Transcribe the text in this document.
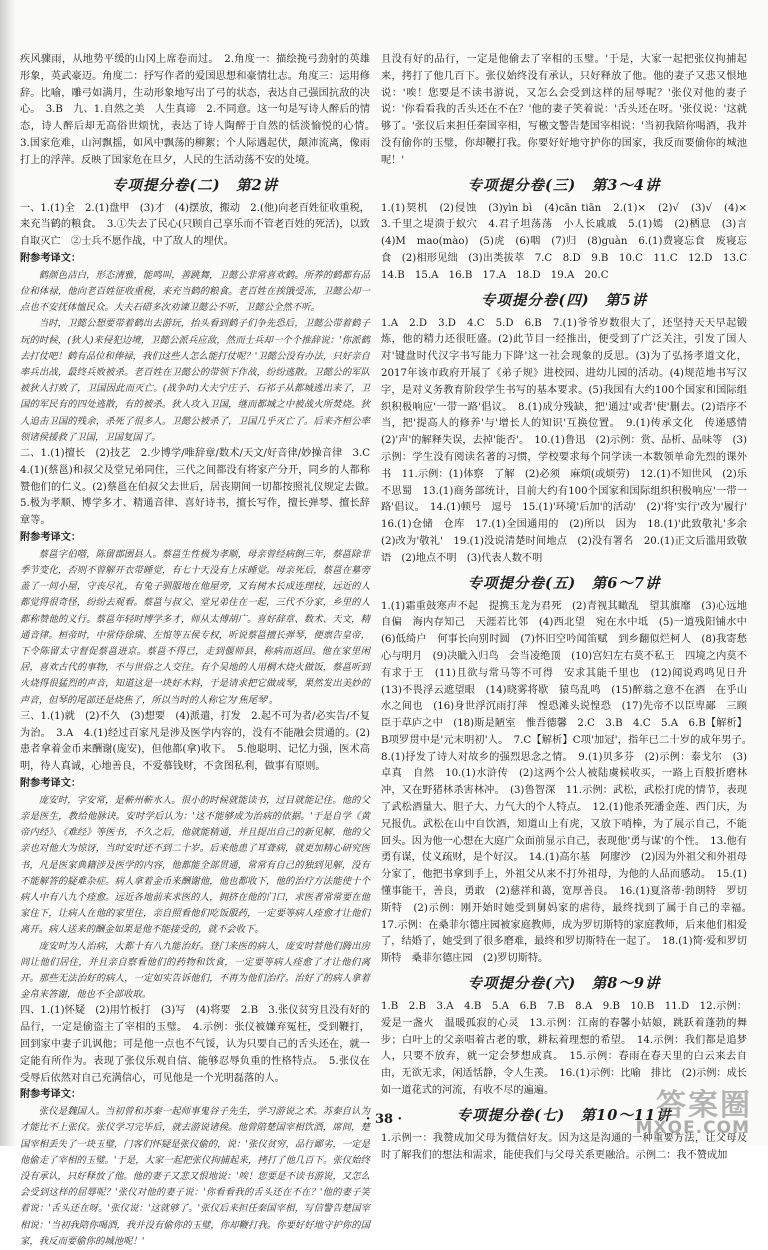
疾风骤雨，从地势平缓的山冈上席卷而过。　2.角度一：描绘挽弓劲射的英雄形象，英武豪迈。角度二：抒写作者的爱国思想和豪情壮志。角度三：运用修辞。比喻，雕弓如满月，生动形象地写出了弓的状态，表达自己强国抗敌的决心。　3.B　九、1.自然之美　人生真谛　2.不同意。这一句是写诗人醉后的情态，诗人醉后却无高俗世烦忧，表达了诗人陶醉于自然的恬淡愉悦的心情。　3.国家危难，山河飘摇，如风中飘荡的柳絮；个人际遇起伏，颠沛流离，像雨打上的浮萍。反映了国家危在旦夕，人民的生活动荡不安的处境。
专项提分卷(二)　第2讲
一、1.(1)全　2.(1)盘甲　(3)才　(4)摆放，搬动　2.(他)向老百姓征收重税，来充当鹤的粮食。　3.①失去了民心(只顾自己享乐而不管老百姓的死活)，以致自取灭亡　②士兵不愿作战，中了敌人的埋伏。
附参考译文：
鹤颜色洁白，形态清雅，能鸣叫，善跳舞，卫懿公非常喜欢鹤。所养的鹤都有品位和体禄，他向老百姓征收重税，来充当鹤的粮食。老百姓在挨饿受冻，卫懿公却一点也不安抚体恤民众。大夫石碏多次劝谏卫懿公不听，卫懿公全然不听。
当时，卫懿公想要带着鹤出去游玩，抬头看到鹤子们争先恐后，卫懿公带着鹤子玩的时候，(狄人)来侵犯边境，卫懿公派兵应敌，然而士兵却一个个推辞说：'你派鹤去打仗吧！鹤有品位和俸禄，我们这些人怎么能打仗呢？'卫懿公没有办法，只好亲自率兵出战，最终兵败被杀。老百姓在卫懿公的带领下作战，纷纷逃散。卫懿公的军队被狄人打败了，卫国因此而灭亡。(战争时)大夫宁庄子、石祁子从都城逃出来了，卫国的军民有的四处逃散，有的被杀。狄人攻入卫国，继而都城之中被战火所焚烧。狄人追击卫国的残余，杀死了很多人。卫懿公被杀了，卫国几乎灭亡了。后来齐桓公率领诸侯援救了卫国，卫国复国了。
二、1.(1)擅长　(2)技艺　2.少博学/唯辞章/数术/天文/好音律/妙操音律　3.C　4.(1)(蔡邕)和叔父及堂兄弟同住，三代之间都没有将家产分开，同乡的人都称赞他们的仁义。(2)蔡邕在伯叔父去世后，居丧期间一切都按照礼仪规定去做。　5.极为孝顺、博学多才、精通音律、喜好诗书，擅长写作，擅长弹琴、擅长辞章等。
附参考译文：
蔡邕字伯喈，陈留郡圉县人。蔡邕生性极为孝顺，母亲曾经病倒三年，蔡邕除非季节变化，否则不曾解开衣带睡觉，有七十天没有上床睡觉。母亲死后，蔡邕在墓旁盖了一间小屋，守丧尽礼，有兔子驯服地在他屋旁，又有树木长成连理枝，远近的人都觉得很奇怪，纷纷去观看。蔡邕与叔父、堂兄弟住在一起，三代不分家，乡里的人都称赞他的义行。蔡邕年轻时博学多才，师从太傅胡广。喜好辞章、数术、天文，精通音律。桓帝时，中常侍徐璜、左悺等五侯专权，听说蔡邕擅长弹琴，便禀告皇帝，下令陈留太守督促蔡邕进京。蔡邕不得已，走到偃师县，称病而返回。他在家里闲居，喜欢古代的事物，不与世俗之人交往。有个吴地的人用桐木烧火做饭，蔡邕听到火烧得很猛烈的声音，知道这是一块好木料，于是请求把它做成琴，果然发出美妙的声音，但琴的尾部还是烧焦了，所以当时的人称它为'焦尾琴'。
三、1.(1)就　(2)不久　(3)想要　(4)派遣，打发　2.起不可为者/必实告/不复为治。　3.A　4.(1)经过百家凡是涉及医学内容的，没有不能融会贯通的。(2)患者拿着金币来酬谢(庞安)，但他都(拿)收下。　5.他聪明、记忆力强，医术高明，待人真诚，心地善良，不爱慕钱财，不贪图私利，做事有原则。
附参考译文：
庞安时，字安常，是蕲州蕲水人。很小的时候就能读书，过目就能记住。他的父亲是医生，教给他脉诀。安时学后认为：'这不能够成为治病的依据。'于是自学《黄帝内经》、《难经》等医书，不久之后，他就能精通，并且提出自己的新见解，他的父亲也对他大为惊讶，当时安时还不到二十岁。后来他患了耳聋病，就更加精心研究医书，凡是医家典籍涉及医学的内容，他都能全部贯通，常常有自己的独到见解，没有不能解答的疑难杂症。病人拿着金币来酬谢他，他也都收下，他的治疗方法能使十个病人中有八九个痊愈。远近各地前来求医的人，拥挤在他的门口，求医者常常要在他家住下，让病人在他的家里住，亲自照看他们吃饭服药，一定要等病人痊愈才让他们离开。病人送来的酬金如果是他不能接受的，就不会收下。
庞安时为人治病，大都十有八九能治好。登门来医的病人，庞安时替他们腾出房间让他们居住，并且亲自察看他们的药物和饮食，一定要等病人痊愈了才让他们离开。那些无法治好的病人，一定如实告诉他们，不再为他们治疗。治好了的病人拿着金帛来答谢，他也不全部收取。
四、1.(1)怀疑　(2)用竹板打　(3)写　(4)将要　2.B　3.张仪贫穷且没有好的品行，一定是偷盗主了宰相的玉璧。　4.示例：张仪被嫌弃冤枉，受到鞭打，回到家中妻子讥讽他；可是他一点也不气馁，认为只要自己的舌头还在，就一定能有所作为。表现了张仪乐观自信、能够忍辱负重的性格特点。　5.张仪在受辱后依然对自己充满信心，可见他是一个光明磊落的人。
附参考译文：
张仪是魏国人。当初曾和苏秦一起师事鬼谷子先生，学习游说之术。苏秦自认为才能比不上张仪。张仪学习完毕后，就去游说诸侯。他曾陪楚国宰相饮酒，席间，楚国宰相丢失了一块玉璧，门客们怀疑是张仪偷的，说：'张仪贫穷，品行鄙劣，一定是他偷走了宰相的玉璧。'于是，大家一起把张仪拘捕起来，拷打了他几百下。张仪始终没有承认，只好释放了他。他的妻子又悲又恨地说：'唉！您要是不读书游说，又怎么会受到这样的屈辱呢？'张仪对他的妻子说：'你看看我的舌头还在不在？'他的妻子笑着说：'舌头还在呀。'张仪说：'这就够了。'张仪后来担任秦国宰相，写信警告楚国宰相说：'当初我陪你喝酒，我并没有偷你的玉璧，你却鞭打我。你要好好地守护你的国家，我反而要偷你的城池呢！'
且没有好的品行，一定是他偷去了宰相的玉璧。'于是，大家一起把张仪拘捕起来，拷打了他几百下。张仪始终没有承认，只好释放了他。他的妻子又悲又恨地说：'唉！您要是不读书游说，又怎么会受到这样的屈辱呢？'张仪对他的妻子说：'你看看我的舌头还在不在？'他的妻子笑着说：'舌头还在呀。'张仪说：'这就够了。'张仪后来担任秦国宰相，写檄文警告楚国宰相说：'当初我陪你喝酒，我并没有偷你的玉璧，你却鞭打我。你要好好地守护你的国家，我反而要偷你的城池呢！'
专项提分卷(三)　第3～4讲
1.(1)契机　(2)侵蚀　(3)yìn bì　(4)cān tiān　2.(1)×　(2)√　(3)√　(4)×　3.千里之堤溃于蚁穴　4.君子坦荡荡　小人长戚戚　5.(1)嫣　(2)栖息　(3)言　(4)M　mao(mào)　(5)虎　(6)咽　(7)归　(8)guàn　6.(1)费寝忘食　废寝忘食　(2)相形见绌　(3)出类拔萃　7.C　8.D　9.B　10.C　11.C　12.D　13.C　14.B　15.A　16.B　17.A　18.D　19.A　20.C
专项提分卷(四)　第5讲
1.A　2.D　3.D　4.C　5.D　6.B　7.(1)爷爷岁数很大了，还坚持天天早起锻炼，他的精力还很旺盛。(2)此节目一经推出，便受到了广泛关注，引发了国人对'键盘时代汉字书写能力下降'这一社会现象的反思。(3)为了弘扬孝道文化，2017年该市政府开展了《弟子规》进校园、进幼儿园的活动。(4)规范地书写汉字，是对义务教育阶段学生书写的基本要求。(5)我国有大约100个国家和国际组织积极响应'一带一路'倡议。　8.(1)成分残缺，把'通过'或者'使'删去。(2)语序不当，把'提高人的修养'与'增长人的知识'互换位置。　9.(1)传承文化　传递感情　(2)'声'的解释失误，去掉'能否'。　10.(1)鲁迅　(2)示例：赏、品析、品味等　(3)示例：学生没有阅读名著的习惯，学校要求每个同学读一本数领单命先烈的课外书　11.示例：(1)体察　了解　(2)必须　麻烦(或烦劳)　12.(1)不知世风　(2)乐不思蜀　13.(1)商务部统计，目前大约有100个国家和国际组织积极响应'一带一路'倡议。　14.(1)顿号　逗号　15.(1)'环境'后加'的活动'　(2)'将'实行'改为'履行'　16.(1)仓储　仓库　17.(1)全国通用的　(2)所以　因为　18.(1)'此致敬礼'多余　(2)改为'敬礼'　19.(1)没说清楚时间地点　(2)没有署名　20.(1)正文后滥用致敬语　(2)地点不明　(3)代表人数不明
专项提分卷(五)　第6～7讲
1.(1)霜重鼓寒声不起　提携玉龙为君死　(2)青视其瞰乱　望其旗靡　(3)心远地自偏　海内存知己　天涯若比邻　(4)西北望　宛在水中坻　(5)一道残阳铺水中　(6)低绮户　何事长向别时圆　(7)怀旧空吟闻笛赋　到乡翻似烂柯人　(8)我寄愁心与明月　(9)决眦入归鸟　会当凌绝顶　(10)宫妇左右莫不私王　四境之内莫不有求于王　(11)且欲与常马等不可得　安求其能千里也　(12)闻说鸡鸣见日升　(13)不畏浮云遮望眼　(14)晓雾将歇　猿鸟乱鸣　(15)醉翁之意不在酒　在乎山水之间也　(16)身世浮沉雨打萍　惶恐滩头说惶恐　(17)先帝不以臣卑鄙　三顾臣于草庐之中　(18)斯是陋室　惟吾德馨　2.C　3.B　4.C　5.A　6.B【解析】B项罗贯中是'元末明初'人。　7.C【解析】C项'加冠'，指年已二十岁的成年男子。　8.(1)抒发了诗人对故乡的强烈思念之情。　9.(1)贝多芬　(2)示例：泰戈尔　(3)卓真　自然　10.(1)水浒传　(2)这两个公人被陆虞候收买，一路上百般折磨林冲，又在野猪林杀害林冲。　(3)鲁智深　11.示例：武松，武松打虎的情节，表现了武松酒量大、胆子大、力气大的个人特点。　12.(1)他杀死潘金莲、西门庆，为兄报仇。武松在山中自饮酒，知道山上有虎，又放下哨棒，为了展示自己，不能回头。因为他一心想在大庭广众面前显示自己，表现他'勇与谋'的个性。　13.他有勇有谋，仗义疏财，是个好汉。　14.(1)高尔基　阿廖沙　(2)因为外祖父和外祖母分家了，他把书拿到手上，外祖父从来不打外祖母，为他的人品而感动。　15.(1)懂事能干，善良，勇敢　(2)慈祥和蔼，宽厚善良。　16.(1)夏洛蒂·勃朗特　罗切斯特　(2)示例：刚开始时她受到舅妈家的虐待，最终找到了属于自己的幸福。　17.示例：在桑菲尔德庄园被家庭教师，成为罗切斯特的家庭教师，后来他们相爱了，结婚了，她受到了很多磨难，最终和罗切斯特在一起了。　18.(1)简·爱和罗切斯特　桑菲尔德庄园　(2)罗切斯特。
专项提分卷(六)　第8～9讲
1.B　2.B　3.A　4.B　5.A　6.B　7.B　8.A　9.B　10.B　11.D　12.示例：爱是一盏火　温暖孤寂的心灵　13.示例：江南的春馨小姑娘，跳跃着蓬勃的舞步；白叶上的父亲唱着古老的歌，耕耘着理想的希望。　14.示例：我们都是追梦人，只要不放弃，就一定会梦想成真。　15.示例：春雨在春天里的白云来去自由，无欲无求，闲适恬静，令人生羡。　16.(1)示例：比喻　排比　(2)示例：成长如一道花式的河流，有收不尽的遍遍。
专项提分卷(七)　第10～11讲
1.示例一：我赞成加父母为微信好友。因为这是沟通的一种重要方法，让父母及时了解我们的想法和需求，能使我们与父母关系更融洽。示例二：我不赞成加
· 38 ·	答案圈
MXQE.COM
